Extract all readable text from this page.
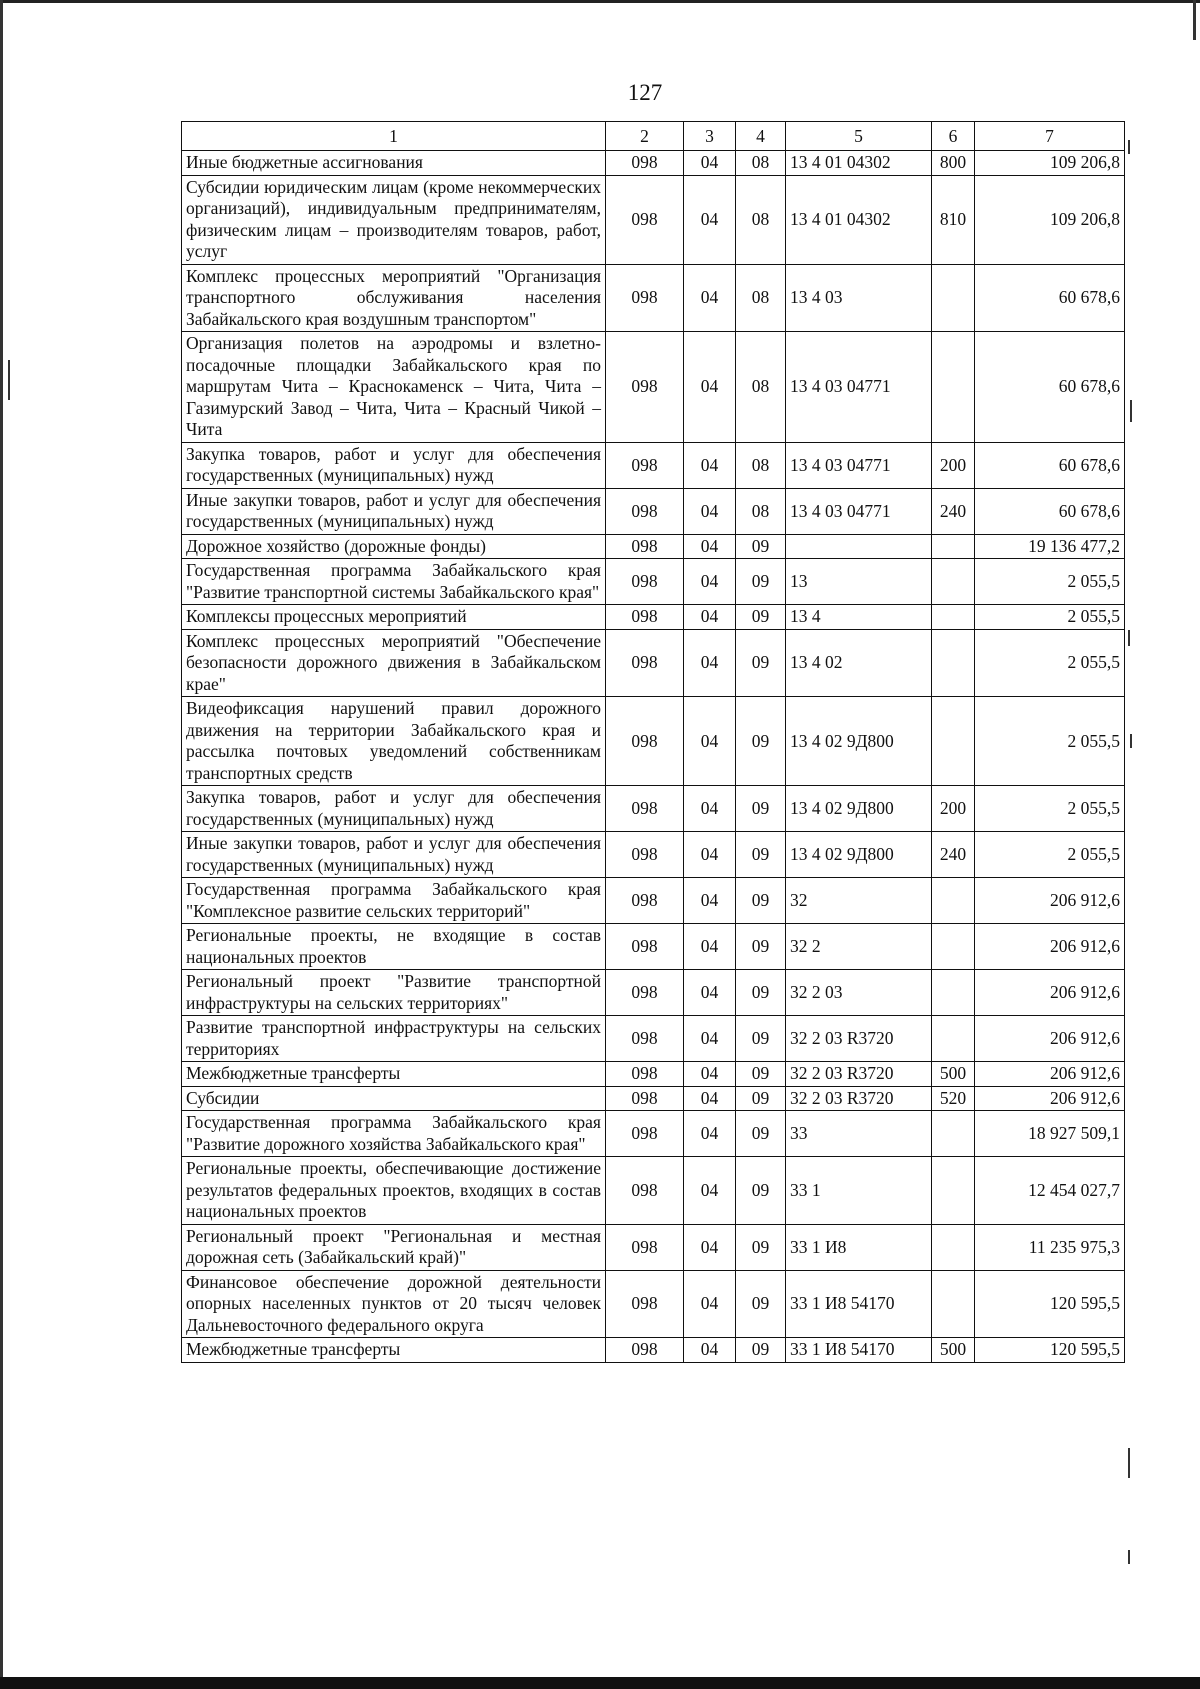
127
1	2	3	4	5	6	7
Иные бюджетные ассигнования	098	04	08	13 4 01 04302	800	109 206,8
Субсидии юридическим лицам (кроме некоммерческих организаций), индивидуальным предпринимателям, физическим лицам – производителям товаров, работ, услуг	098	04	08	13 4 01 04302	810	109 206,8
Комплекс процессных мероприятий "Организация транспортного обслуживания населения Забайкальского края воздушным транспортом"	098	04	08	13 4 03		60 678,6
Организация полетов на аэродромы и взлетно-посадочные площадки Забайкальского края по маршрутам Чита – Краснокаменск – Чита, Чита – Газимурский Завод – Чита, Чита – Красный Чикой – Чита	098	04	08	13 4 03 04771		60 678,6
Закупка товаров, работ и услуг для обеспечения государственных (муниципальных) нужд	098	04	08	13 4 03 04771	200	60 678,6
Иные закупки товаров, работ и услуг для обеспечения государственных (муниципальных) нужд	098	04	08	13 4 03 04771	240	60 678,6
Дорожное хозяйство (дорожные фонды)	098	04	09			19 136 477,2
Государственная программа Забайкальского края "Развитие транспортной системы Забайкальского края"	098	04	09	13		2 055,5
Комплексы процессных мероприятий	098	04	09	13 4		2 055,5
Комплекс процессных мероприятий "Обеспечение безопасности дорожного движения в Забайкальском крае"	098	04	09	13 4 02		2 055,5
Видеофиксация нарушений правил дорожного движения на территории Забайкальского края и рассылка почтовых уведомлений собственникам транспортных средств	098	04	09	13 4 02 9Д800		2 055,5
Закупка товаров, работ и услуг для обеспечения государственных (муниципальных) нужд	098	04	09	13 4 02 9Д800	200	2 055,5
Иные закупки товаров, работ и услуг для обеспечения государственных (муниципальных) нужд	098	04	09	13 4 02 9Д800	240	2 055,5
Государственная программа Забайкальского края "Комплексное развитие сельских территорий"	098	04	09	32		206 912,6
Региональные проекты, не входящие в состав национальных проектов	098	04	09	32 2		206 912,6
Региональный проект "Развитие транспортной инфраструктуры на сельских территориях"	098	04	09	32 2 03		206 912,6
Развитие транспортной инфраструктуры на сельских территориях	098	04	09	32 2 03 R3720		206 912,6
Межбюджетные трансферты	098	04	09	32 2 03 R3720	500	206 912,6
Субсидии	098	04	09	32 2 03 R3720	520	206 912,6
Государственная программа Забайкальского края "Развитие дорожного хозяйства Забайкальского края"	098	04	09	33		18 927 509,1
Региональные проекты, обеспечивающие достижение результатов федеральных проектов, входящих в состав национальных проектов	098	04	09	33 1		12 454 027,7
Региональный проект "Региональная и местная дорожная сеть (Забайкальский край)"	098	04	09	33 1 И8		11 235 975,3
Финансовое обеспечение дорожной деятельности опорных населенных пунктов от 20 тысяч человек Дальневосточного федерального округа	098	04	09	33 1 И8 54170		120 595,5
Межбюджетные трансферты	098	04	09	33 1 И8 54170	500	120 595,5
